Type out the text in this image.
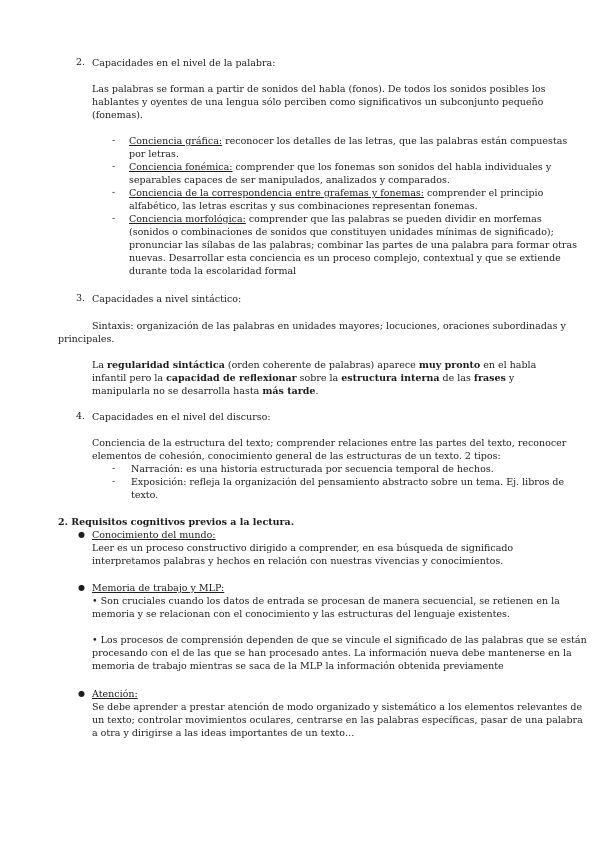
2. Capacidades en el nivel de la palabra:
Las palabras se forman a partir de sonidos del habla (fonos). De todos los sonidos posibles los
hablantes y oyentes de una lengua sólo perciben como significativos un subconjunto pequeño
(fonemas).
- Conciencia gráfica: reconocer los detalles de las letras, que las palabras están compuestas
por letras.
- Conciencia fonémica: comprender que los fonemas son sonidos del habla individuales y
separables capaces de ser manipulados, analizados y comparados.
- Conciencia de la correspondencia entre grafemas y fonemas: comprender el principio
alfabético, las letras escritas y sus combinaciones representan fonemas.
- Conciencia morfológica: comprender que las palabras se pueden dividir en morfemas
(sonidos o combinaciones de sonidos que constituyen unidades mínimas de significado);
pronunciar las sílabas de las palabras; combinar las partes de una palabra para formar otras
nuevas. Desarrollar esta conciencia es un proceso complejo, contextual y que se extiende
durante toda la escolaridad formal
3. Capacidades a nivel sintáctico:
Sintaxis: organización de las palabras en unidades mayores; locuciones, oraciones subordinadas y
principales.
La regularidad sintáctica (orden coherente de palabras) aparece muy pronto en el habla
infantil pero la capacidad de reflexionar sobre la estructura interna de las frases y
manipularla no se desarrolla hasta más tarde.
4. Capacidades en el nivel del discurso:
Conciencia de la estructura del texto; comprender relaciones entre las partes del texto, reconocer
elementos de cohesión, conocimiento general de las estructuras de un texto. 2 tipos:
- Narración: es una historia estructurada por secuencia temporal de hechos.
- Exposición: refleja la organización del pensamiento abstracto sobre un tema. Ej. libros de
texto.
2. Requisitos cognitivos previos a la lectura.
● Conocimiento del mundo:
Leer es un proceso constructivo dirigido a comprender, en esa búsqueda de significado
interpretamos palabras y hechos en relación con nuestras vivencias y conocimientos.
● Memoria de trabajo y MLP:
• Son cruciales cuando los datos de entrada se procesan de manera secuencial, se retienen en la
memoria y se relacionan con el conocimiento y las estructuras del lenguaje existentes.
• Los procesos de comprensión dependen de que se vincule el significado de las palabras que se están
procesando con el de las que se han procesado antes. La información nueva debe mantenerse en la
memoria de trabajo mientras se saca de la MLP la información obtenida previamente
● Atención:
Se debe aprender a prestar atención de modo organizado y sistemático a los elementos relevantes de
un texto; controlar movimientos oculares, centrarse en las palabras específicas, pasar de una palabra
a otra y dirigirse a las ideas importantes de un texto…
